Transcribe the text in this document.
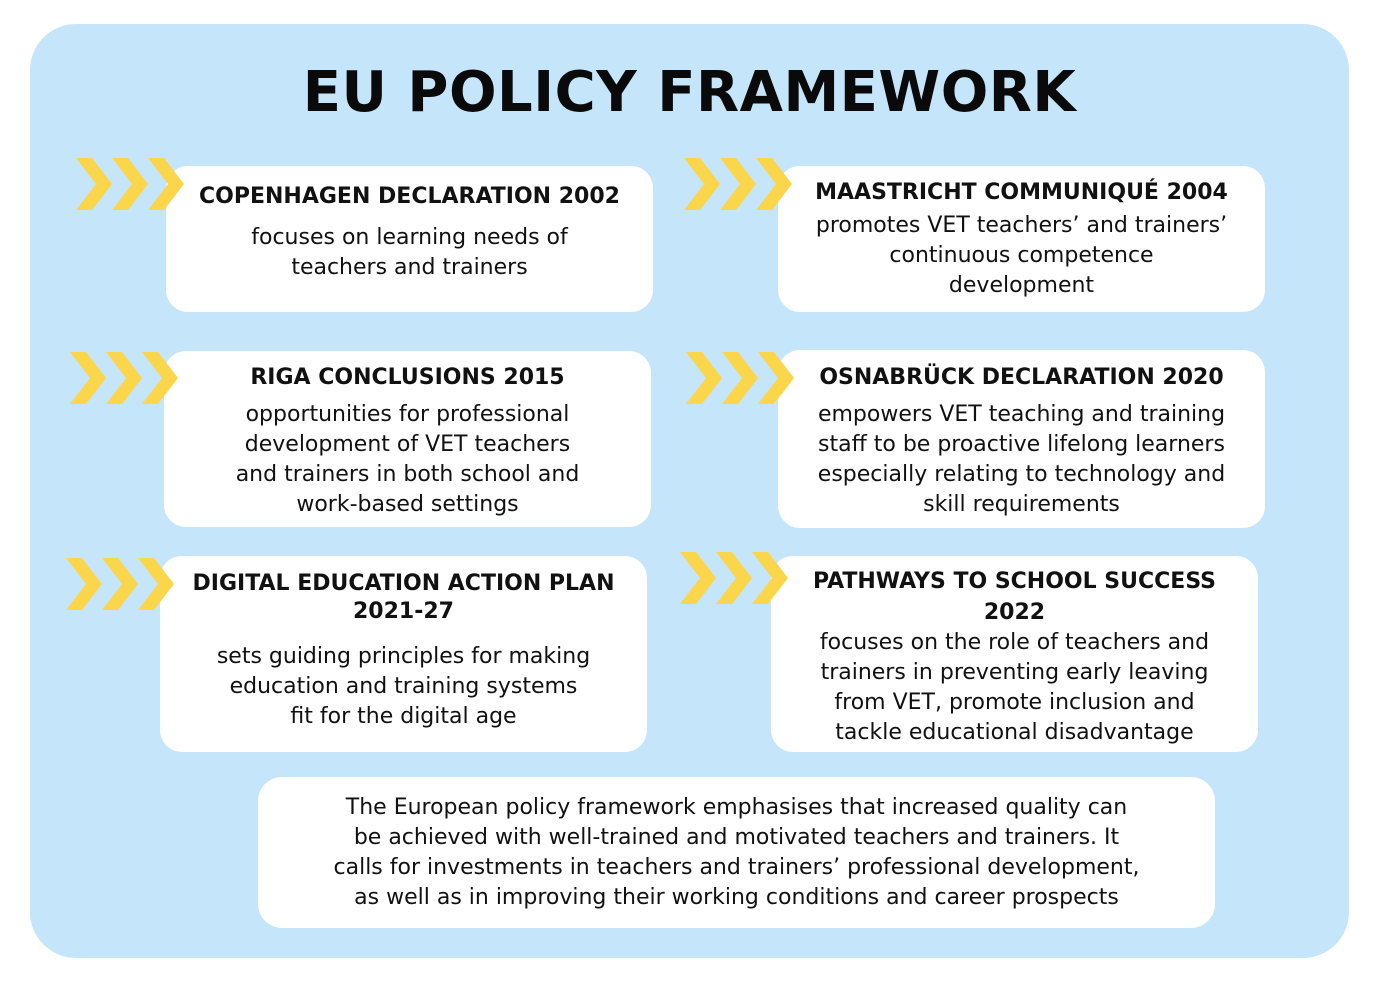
EU POLICY FRAMEWORK
COPENHAGEN DECLARATION 2002
focuses on learning needs of
teachers and trainers
MAASTRICHT COMMUNIQUÉ 2004
promotes VET teachers’ and trainers’
continuous competence
development
RIGA CONCLUSIONS 2015
opportunities for professional
development of VET teachers
and trainers in both school and
work-based settings
OSNABRÜCK DECLARATION 2020
empowers VET teaching and training
staff to be proactive lifelong learners
especially relating to technology and
skill requirements
DIGITAL EDUCATION ACTION PLAN
2021-27
sets guiding principles for making
education and training systems
fit for the digital age
PATHWAYS TO SCHOOL SUCCESS
2022
focuses on the role of teachers and
trainers in preventing early leaving
from VET, promote inclusion and
tackle educational disadvantage
The European policy framework emphasises that increased quality can
be achieved with well-trained and motivated teachers and trainers. It
calls for investments in teachers and trainers’ professional development,
as well as in improving their working conditions and career prospects
